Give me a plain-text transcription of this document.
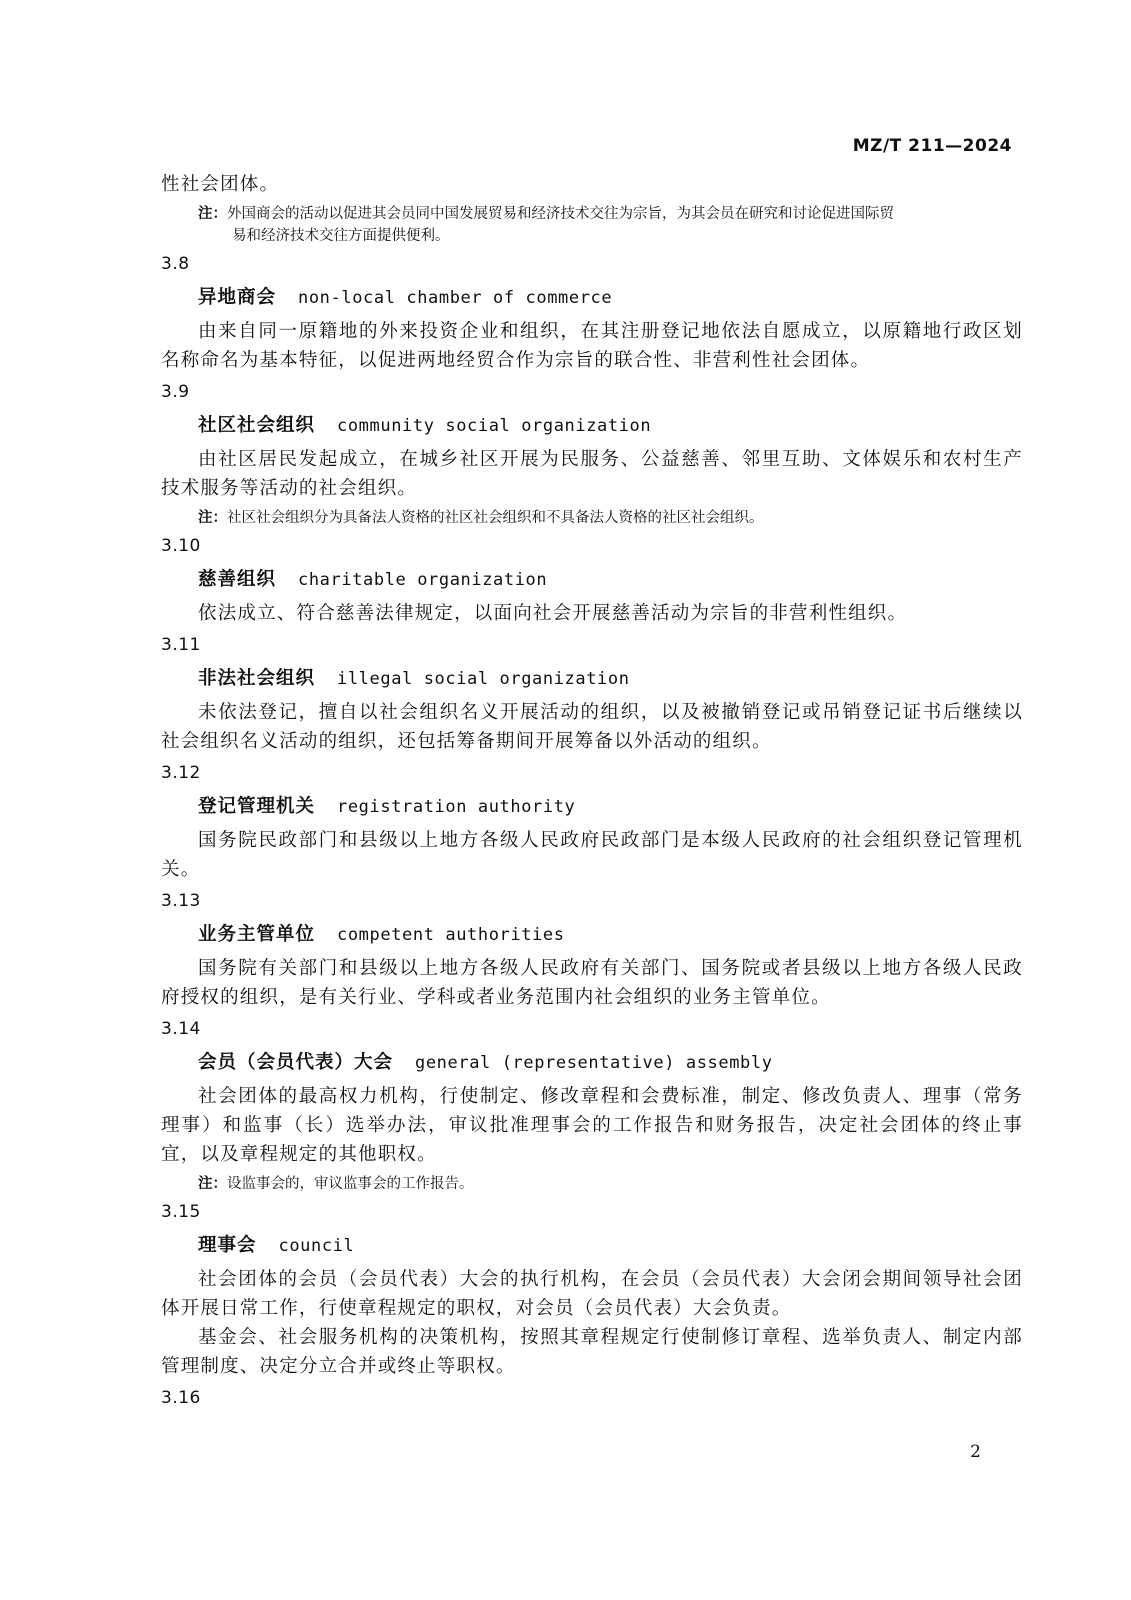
MZ/T 211—2024

性社会团体。

注：外国商会的活动以促进其会员同中国发展贸易和经济技术交往为宗旨，为其会员在研究和讨论促进国际贸
易和经济技术交往方面提供便利。
3.8
异地商会 non-local chamber of commerce

由来自同一原籍地的外来投资企业和组织，在其注册登记地依法自愿成立，以原籍地行政区划名称命名为基本特征，以促进两地经贸合作为宗旨的联合性、非营利性社会团体。

3.9
社区社会组织 community social organization

由社区居民发起成立，在城乡社区开展为民服务、公益慈善、邻里互助、文体娱乐和农村生产技术服务等活动的社会组织。

注：社区社会组织分为具备法人资格的社区社会组织和不具备法人资格的社区社会组织。
3.10
慈善组织 charitable organization

依法成立、符合慈善法律规定，以面向社会开展慈善活动为宗旨的非营利性组织。

3.11
非法社会组织 illegal social organization

未依法登记，擅自以社会组织名义开展活动的组织，以及被撤销登记或吊销登记证书后继续以社会组织名义活动的组织，还包括筹备期间开展筹备以外活动的组织。

3.12
登记管理机关 registration authority

国务院民政部门和县级以上地方各级人民政府民政部门是本级人民政府的社会组织登记管理机关。

3.13
业务主管单位 competent authorities

国务院有关部门和县级以上地方各级人民政府有关部门、国务院或者县级以上地方各级人民政府授权的组织，是有关行业、学科或者业务范围内社会组织的业务主管单位。

3.14
会员（会员代表）大会 general (representative) assembly

社会团体的最高权力机构，行使制定、修改章程和会费标准，制定、修改负责人、理事（常务理事）和监事（长）选举办法，审议批准理事会的工作报告和财务报告，决定社会团体的终止事宜，以及章程规定的其他职权。

注：设监事会的，审议监事会的工作报告。
3.15
理事会 council

社会团体的会员（会员代表）大会的执行机构，在会员（会员代表）大会闭会期间领导社会团体开展日常工作，行使章程规定的职权，对会员（会员代表）大会负责。

基金会、社会服务机构的决策机构，按照其章程规定行使制修订章程、选举负责人、制定内部管理制度、决定分立合并或终止等职权。

3.16
2
